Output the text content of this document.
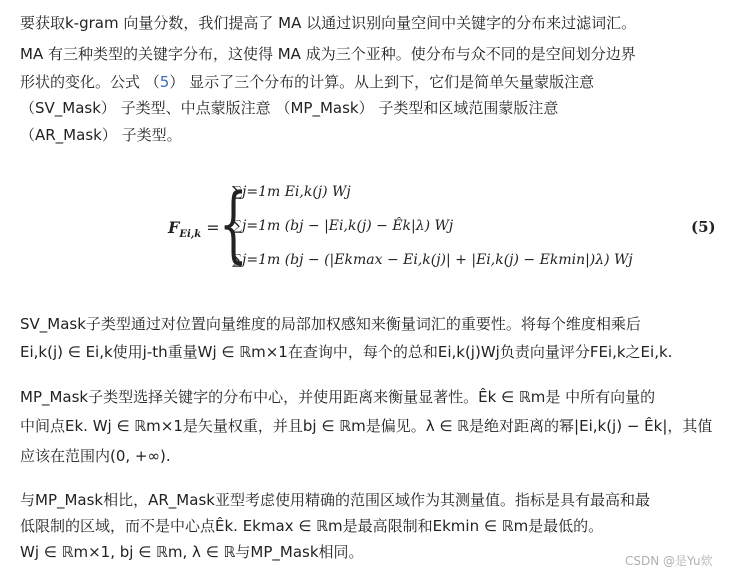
要获取k-gram 向量分数，我们提高了 MA 以通过识别向量空间中关键字的分布来过滤词汇。
MA 有三种类型的关键字分布，这使得 MA 成为三个亚种。使分布与众不同的是空间划分边界
形状的变化。公式 （5） 显示了三个分布的计算。从上到下，它们是简单矢量蒙版注意
（SV_Mask） 子类型、中点蒙版注意 （MP_Mask） 子类型和区域范围蒙版注意
（AR_Mask） 子类型。
$F_{Ei,k}$ = {
∑j=1m Ei,k(j) Wj
∑j=1m (bj − |Ei,k(j) − Êk|λ) Wj
∑j=1m (bj − (|Ekmax − Ei,k(j)| + |Ei,k(j) − Ekmin|)λ) Wj
(5)
SV_Mask子类型通过对位置向量维度的局部加权感知来衡量词汇的重要性。将每个维度相乘后
Ei,k(j) ∈ Ei,k使用j-th重量Wj ∈ ℝm×1在查询中，每个的总和Ei,k(j)Wj负责向量评分FEi,k之Ei,k.
MP_Mask子类型选择关键字的分布中心，并使用距离来衡量显著性。Êk ∈ ℝm是 中所有向量的
中间点Ek. Wj ∈ ℝm×1是矢量权重，并且bj ∈ ℝm是偏见。λ ∈ ℝ是绝对距离的幂|Ei,k(j) − Êk|，其值
应该在范围内(0, +∞).
与MP_Mask相比，AR_Mask亚型考虑使用精确的范围区域作为其测量值。指标是具有最高和最
低限制的区域，而不是中心点Êk. Ekmax ∈ ℝm是最高限制和Ekmin ∈ ℝm是最低的。
Wj ∈ ℝm×1, bj ∈ ℝm, λ ∈ ℝ与MP_Mask相同。	CSDN @是Yu欸
